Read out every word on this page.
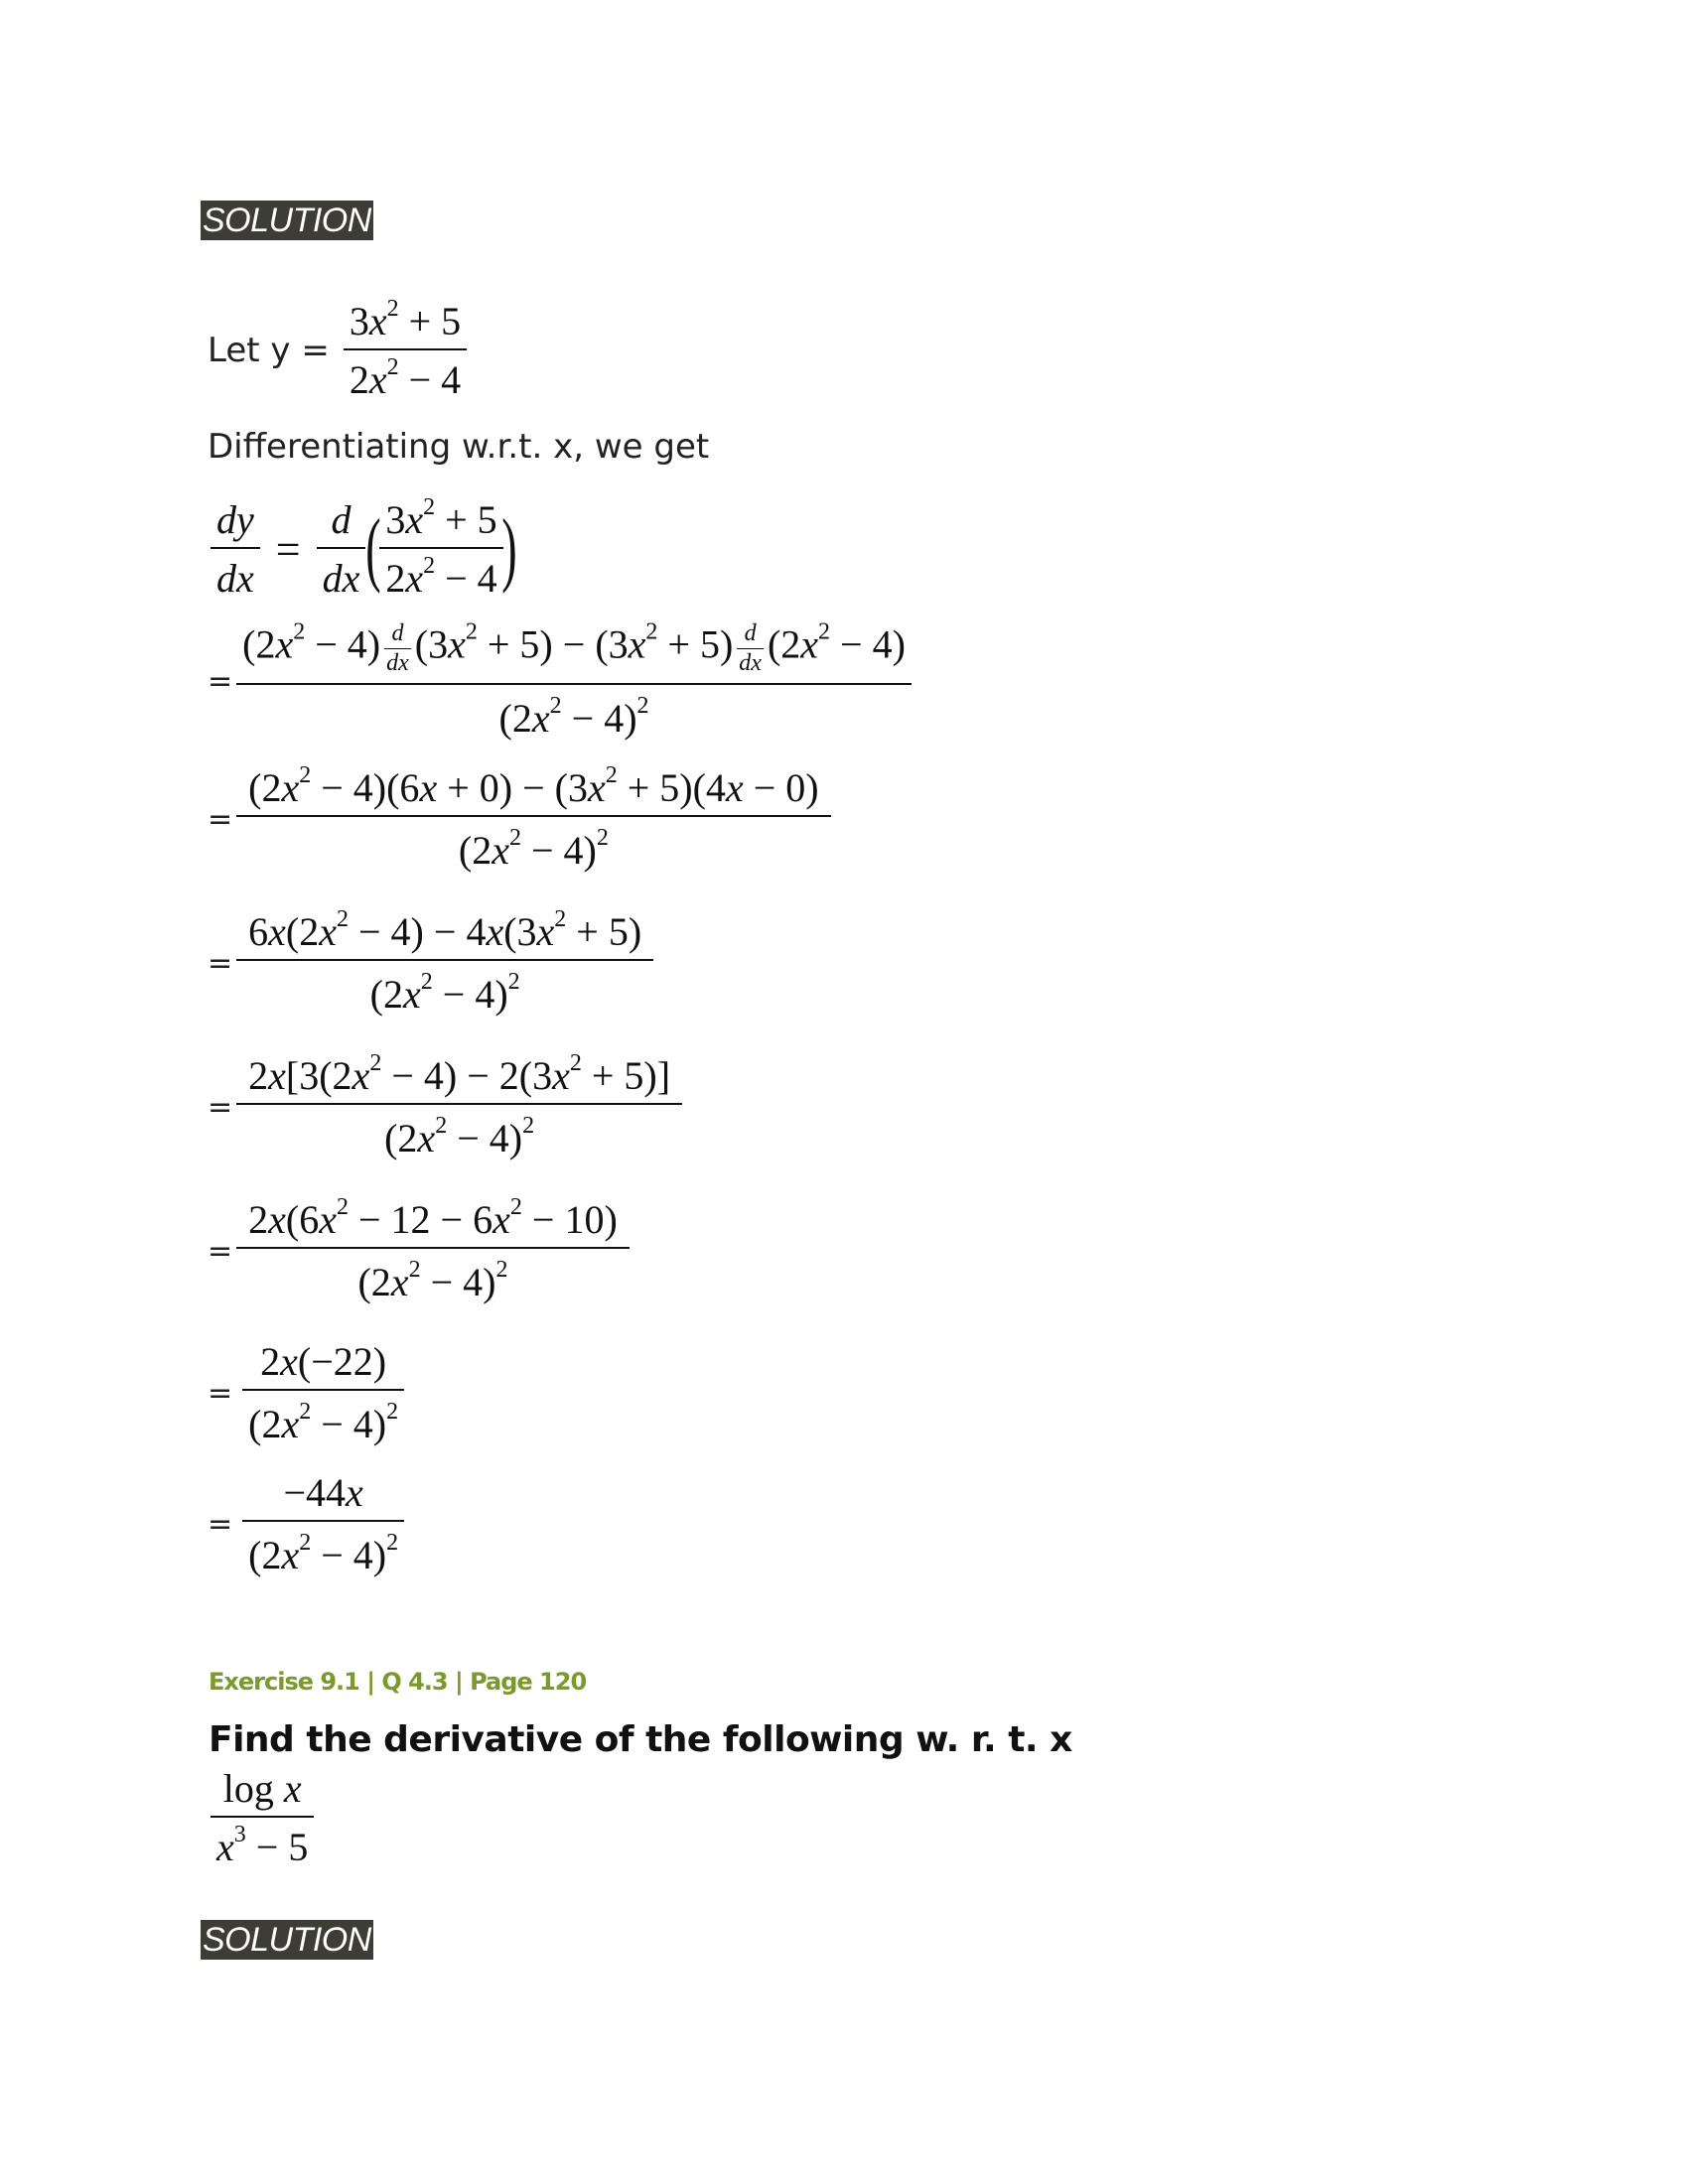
SOLUTION
Let $y = \frac{3x^2 + 5}{2x^2 - 4}$
Differentiating w.r.t. x, we get
$\frac{dy}{dx} = \frac{d}{dx}$ (
$\frac{3x^2 + 5}{2x^2 - 4}$
)
= $\frac{(2x^2 - 4) \frac{d}{dx} (3x^2 + 5) - (3x^2 + 5) \frac{d}{dx} (2x^2 - 4)}{(2x^2 - 4)^2}$
= $\frac{(2x^2 - 4)(6x + 0) - (3x^2 + 5)(4x - 0)}{(2x^2 - 4)^2}$
= $\frac{6x(2x^2 - 4) - 4x(3x^2 + 5)}{(2x^2 - 4)^2}$
= $\frac{2x[3(2x^2 - 4) - 2(3x^2 + 5)]}{(2x^2 - 4)^2}$
= $\frac{2x(6x^2 - 12 - 6x^2 - 10)}{(2x^2 - 4)^2}$
= $\frac{2x(-22)}{(2x^2 - 4)^2}$
= $\frac{-44x}{(2x^2 - 4)^2}$
Exercise 9.1 | Q 4.3 | Page 120
Find the derivative of the following w. r. t. x
$\frac{\text{log x}}{x^3 - 5}$
SOLUTION
